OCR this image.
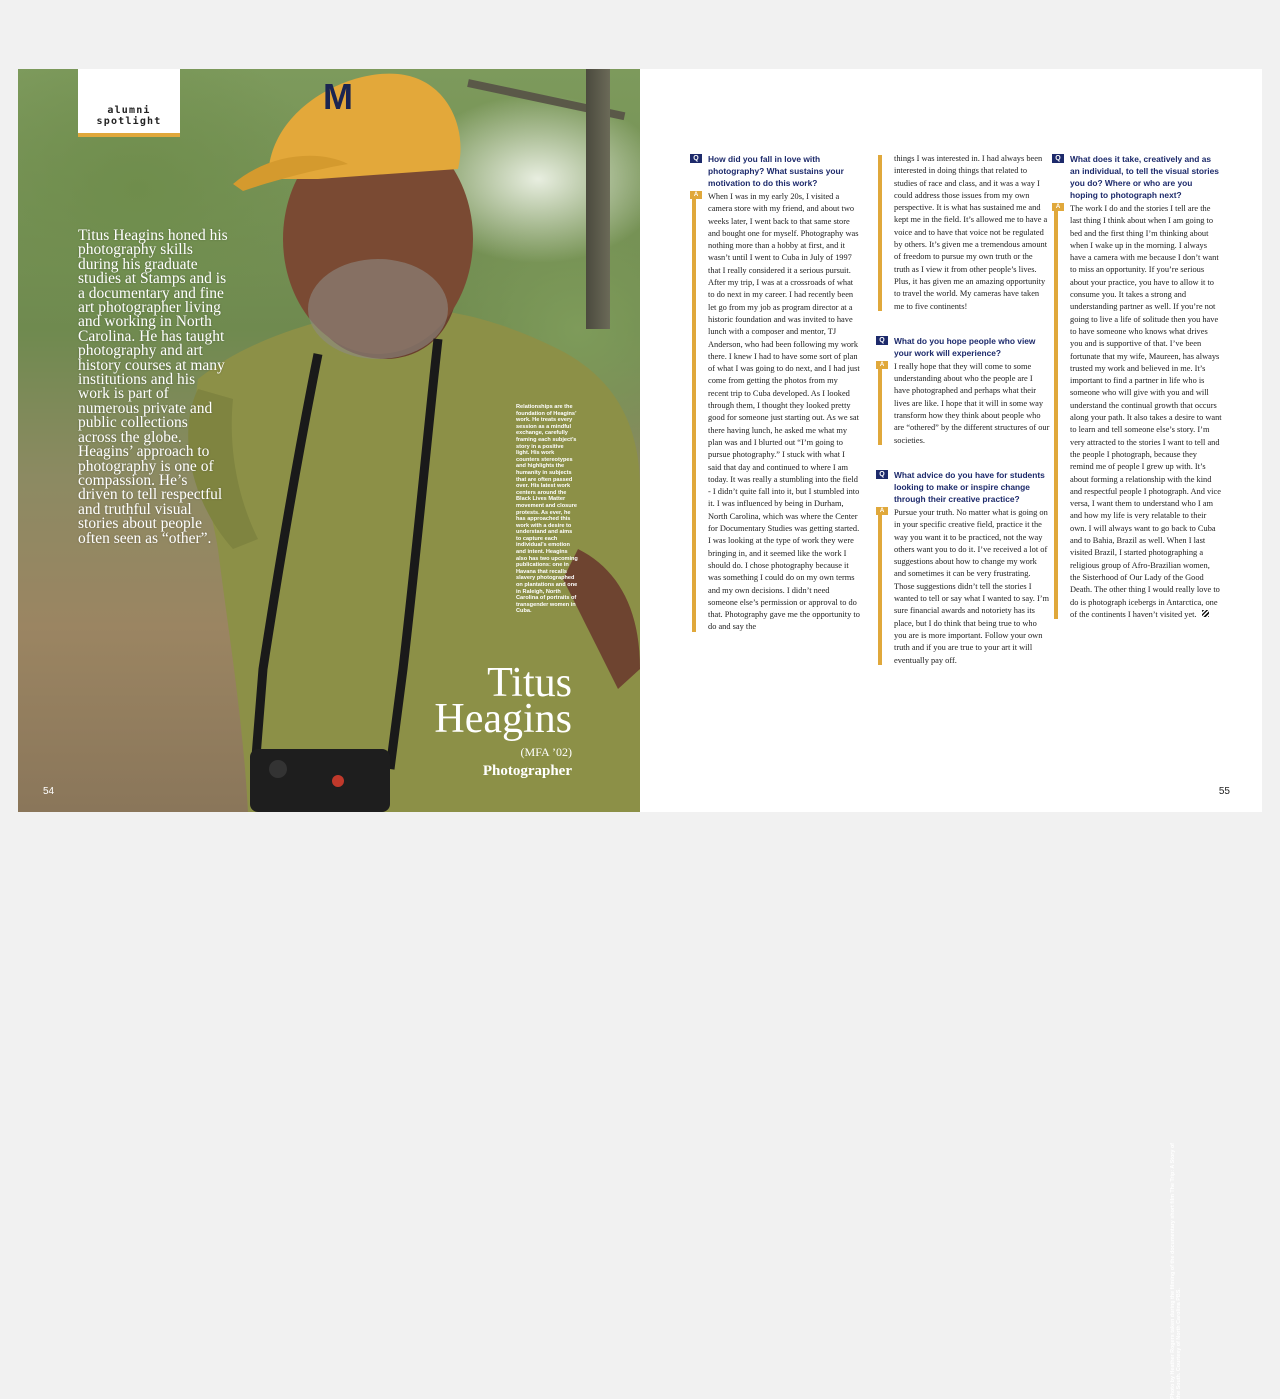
M
alumni spotlight
Titus Heagins honed his photography skills during his graduate studies at Stamps and is a documentary and fine art photographer living and working in North Carolina. He has taught photography and art history courses at many institutions and his work is part of numerous private and public collections across the globe. Heagins’ approach to photography is one of compassion. He’s driven to tell respectful and truthful visual stories about people often seen as “other”.
Relationships are the foundation of Heagins’ work. He treats every session as a mindful exchange, carefully framing each subject’s story in a positive light. His work counters stereotypes and highlights the humanity in subjects that are often passed over. His latest work centers around the Black Lives Matter movement and closure protests. As ever, he has approached this work with a desire to understand and aims to capture each individual’s emotion and intent. Heagins also has two upcoming publications: one in Havana that recalls slavery photographed on plantations and one in Raleigh, North Carolina of portraits of transgender women in Cuba.
Photo by Heather Rogers taken during the filming of the documentary short film The Trip: A Story of the South. Courtesy of North Carolina PBS.
Titus
Heagins
(MFA ’02)
Photographer
54
Q	How did you fall in love with photography? What sustains your motivation to do this work?
A	When I was in my early 20s, I visited a camera store with my friend, and about two weeks later, I went back to that same store and bought one for myself. Photography was nothing more than a hobby at first, and it wasn’t until I went to Cuba in July of 1997 that I really considered it a serious pursuit. After my trip, I was at a crossroads of what to do next in my career. I had recently been let go from my job as program director at a historic foundation and was invited to have lunch with a composer and mentor, TJ Anderson, who had been following my work there. I knew I had to have some sort of plan of what I was going to do next, and I had just come from getting the photos from my recent trip to Cuba developed. As I looked through them, I thought they looked pretty good for someone just starting out. As we sat there having lunch, he asked me what my plan was and I blurted out “I’m going to pursue photography.” I stuck with what I said that day and continued to where I am today. It was really a stumbling into the field - I didn’t quite fall into it, but I stumbled into it. I was influenced by being in Durham, North Carolina, which was where the Center for Documentary Studies was getting started. I was looking at the type of work they were bringing in, and it seemed like the work I should do. I chose photography because it was something I could do on my own terms and my own decisions. I didn’t need someone else’s permission or approval to do that. Photography gave me the opportunity to do and say the
things I was interested in. I had always been interested in doing things that related to studies of race and class, and it was a way I could address those issues from my own perspective. It is what has sustained me and kept me in the field. It’s allowed me to have a voice and to have that voice not be regulated by others. It’s given me a tremendous amount of freedom to pursue my own truth or the truth as I view it from other people’s lives. Plus, it has given me an amazing opportunity to travel the world. My cameras have taken me to five continents!
Q	What do you hope people who view your work will experience?
A	I really hope that they will come to some understanding about who the people are I have photographed and perhaps what their lives are like. I hope that it will in some way transform how they think about people who are “othered” by the different structures of our societies.
Q	What advice do you have for students looking to make or inspire change through their creative practice?
A	Pursue your truth. No matter what is going on in your specific creative field, practice it the way you want it to be practiced, not the way others want you to do it. I’ve received a lot of suggestions about how to change my work and sometimes it can be very frustrating. Those suggestions didn’t tell the stories I wanted to tell or say what I wanted to say. I’m sure financial awards and notoriety has its place, but I do think that being true to who you are is more important. Follow your own truth and if you are true to your art it will eventually pay off.
Q	What does it take, creatively and as an individual, to tell the visual stories you do? Where or who are you hoping to photograph next?
A	The work I do and the stories I tell are the last thing I think about when I am going to bed and the first thing I’m thinking about when I wake up in the morning. I always have a camera with me because I don’t want to miss an opportunity. If you’re serious about your practice, you have to allow it to consume you. It takes a strong and understanding partner as well. If you’re not going to live a life of solitude then you have to have someone who knows what drives you and is supportive of that. I’ve been fortunate that my wife, Maureen, has always trusted my work and believed in me. It’s important to find a partner in life who is someone who will give with you and will understand the continual growth that occurs along your path. It also takes a desire to want to learn and tell someone else’s story. I’m very attracted to the stories I want to tell and the people I photograph, because they remind me of people I grew up with. It’s about forming a relationship with the kind and respectful people I photograph. And vice versa, I want them to understand who I am and how my life is very relatable to their own. I will always want to go back to Cuba and to Bahia, Brazil as well. When I last visited Brazil, I started photographing a religious group of Afro-Brazilian women, the Sisterhood of Our Lady of the Good Death. The other thing I would really love to do is photograph icebergs in Antarctica, one of the continents I haven’t visited yet.
55
